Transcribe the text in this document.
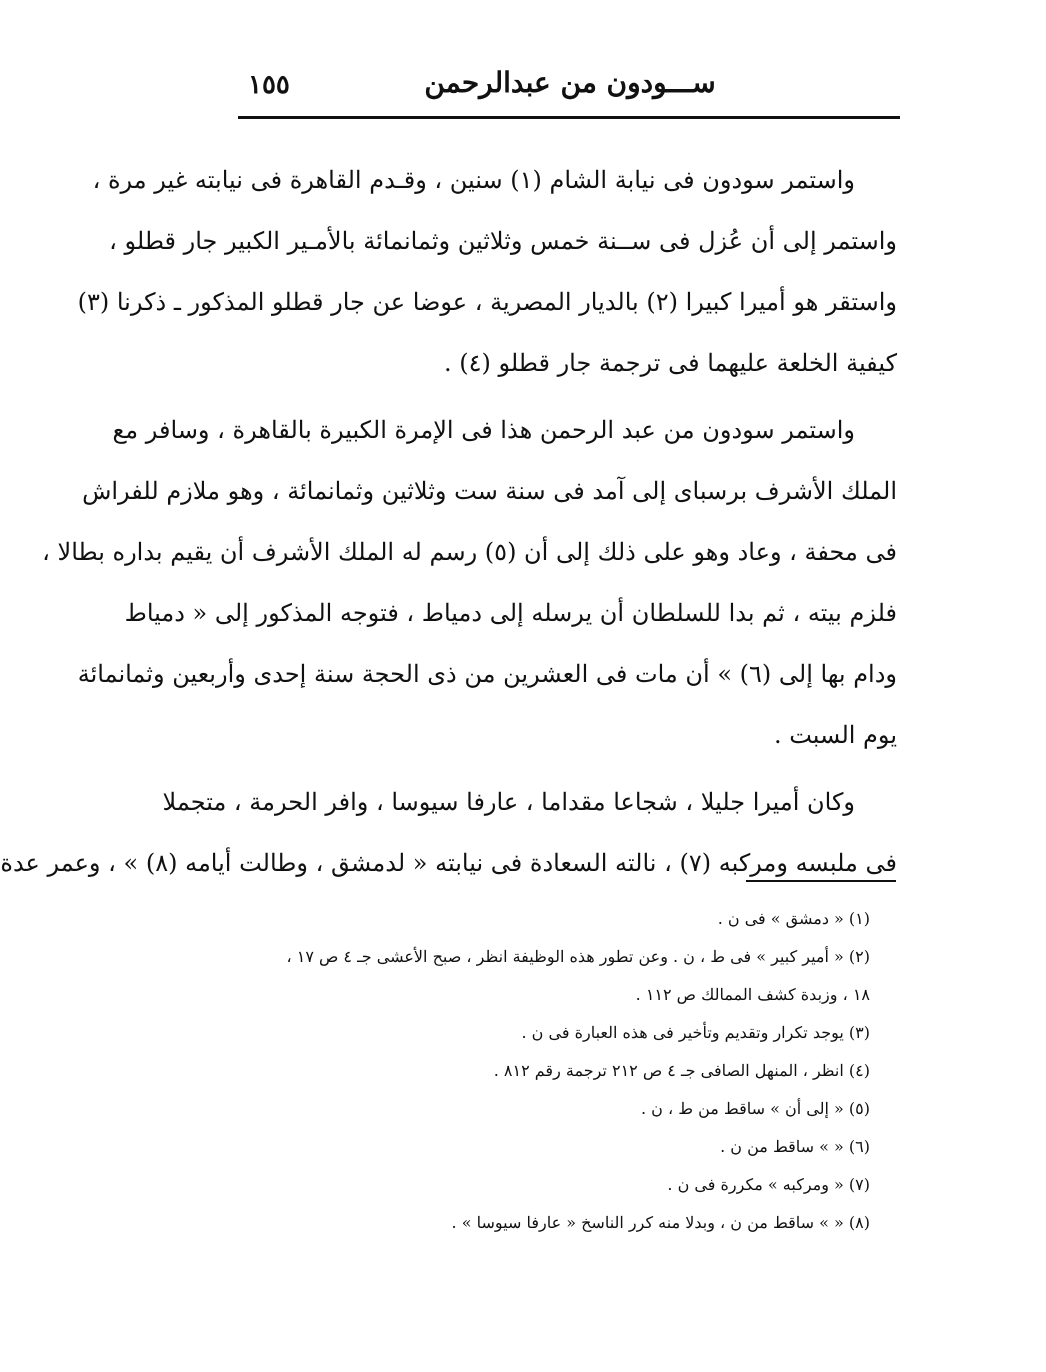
١٥٥	ســـودون من عبدالرحمن
واستمر سودون فى نيابة الشام (١) سنين ، وقـدم القاهرة فى نيابته غير مرة ،
واستمر إلى أن عُزل فى ســنة خمس وثلاثين وثمانمائة بالأمـير الكبير جار قطلو ،
واستقر هو أميرا كبيرا (٢) بالديار المصرية ، عوضا عن جار قطلو المذكور ـ ذكرنا (٣)
كيفية الخلعة عليهما فى ترجمة جار قطلو (٤) .
واستمر سودون من عبد الرحمن هذا فى الإمرة الكبيرة بالقاهرة ، وسافر مع
الملك الأشرف برسباى إلى آمد فى سنة ست وثلاثين وثمانمائة ، وهو ملازم للفراش
فى محفة ، وعاد وهو على ذلك إلى أن (٥) رسم له الملك الأشرف أن يقيم بداره بطالا ،
فلزم بيته ، ثم بدا للسلطان أن يرسله إلى دمياط ، فتوجه المذكور إلى « دمياط
ودام بها إلى (٦) » أن مات فى العشرين من ذى الحجة سنة إحدى وأربعين وثمانمائة
يوم السبت .
وكان أميرا جليلا ، شجاعا مقداما ، عارفا سيوسا ، وافر الحرمة ، متجملا
فى ملبسه ومركبه (٧) ، نالته السعادة فى نيابته « لدمشق ، وطالت أيامه (٨) » ، وعمر عدة
(١) « دمشق » فى ن .
(٢) « أمير كبير » فى ط ، ن . وعن تطور هذه الوظيفة انظر ، صبح الأعشى جـ ٤ ص ١٧ ،
١٨ ، وزبدة كشف الممالك ص ١١٢ .
(٣) يوجد تكرار وتقديم وتأخير فى هذه العبارة فى ن .
(٤) انظر ، المنهل الصافى جـ ٤ ص ٢١٢ ترجمة رقم ٨١٢ .
(٥) « إلى أن » ساقط من ط ، ن .
(٦) « » ساقط من ن .
(٧) « ومركبه » مكررة فى ن .
(٨) « » ساقط من ن ، وبدلا منه كرر الناسخ « عارفا سيوسا » .
